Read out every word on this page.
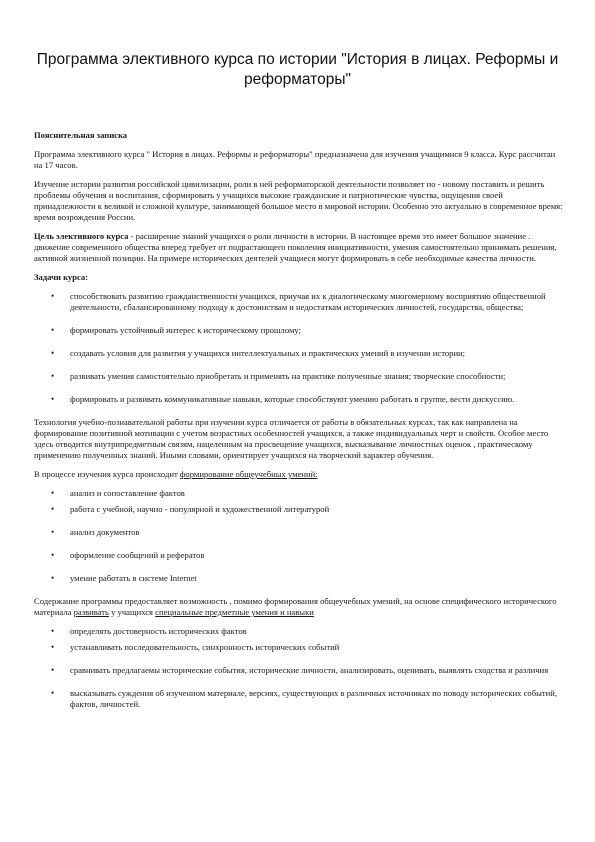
Программа элективного курса по истории "История в лицах. Реформы и реформаторы"

Пояснительная записка

Программа элективного курса " История в лицах. Реформы и реформаторы" предназначена для изучения учащимися 9 класса. Курс рассчитан на 17 часов.

Изучение истории развития российской цивилизации, роли в ней реформаторской деятельности позволяет по - новому поставить и решить проблемы обучения и воспитания, сформировать у учащихся высокие гражданские и патриотические чувства, ощущения своей принадлежности к великой и сложной культуре, занимающей большое место в мировой истории. Особенно это актуально в современное время: время возрождения России.

Цель элективного курса - расширение знаний учащихся о роли личности в истории. В настоящее время это имеет большое значение . движение современного общества вперед требует от подрастающего поколения инициативности, умения самостоятельно принимать решения, активной жизненной позиции. На примере исторических деятелей учащиеся могут формировать в себе необходимые качества личности.

Задачи курса:

• способствовать развитию гражданственности учащихся, приучая их к диалогическому многомерному восприятию общественной деятельности, сбалансированному подходу к достоинствам и недостаткам исторических личностей, государства, общества;
• формировать устойчивый интерес к историческому прошлому;
• создавать условия для развития у учащихся интеллектуальных и практических умений в изучении истории;
• развивать умения самостоятельно приобретать и применять на практике полученные знания; творческие способности;
• формировать и развивать коммуникативные навыки, которые способствуют умению работать в группе, вести дискуссию.

Технология учебно-познавательной работы при изучении курса отличается от работы в обязательных курсах, так как направлена на формирование позитивной мотивации с учетом возрастных особенностей учащихся, а также индивидуальных черт и свойств. Особое место здесь отводится внутрипредметным связям, нацеленным на просвещение учащихся, высказывание личностных оценок , практическому применению полученных знаний. Иными словами, ориентирует учащихся на творческий характер обучения.

В процессе изучения курса происходит формирование общеучебных умений:

• анализ и сопоставление фактов
• работа с учебной, научно - популярной и художественной литературой
• анализ документов
• оформление сообщений и рефератов
• умение работать в системе Internet

Содержание программы предоставляет возможность , помимо формирования общеучебных умений, на основе специфического исторического материала развивать у учащихся специальные предметные умения и навыки

• определять достоверность исторических фактов
• устанавливать последовательность, синхронность исторических событий
• сравнивать предлагаемы исторические события, исторические личности, анализировать, оценивать, выявлять сходства и различия
• высказывать суждения об изученном материале, версиях, существующих в различных источниках по поводу исторических событий, фактов, личностей.
